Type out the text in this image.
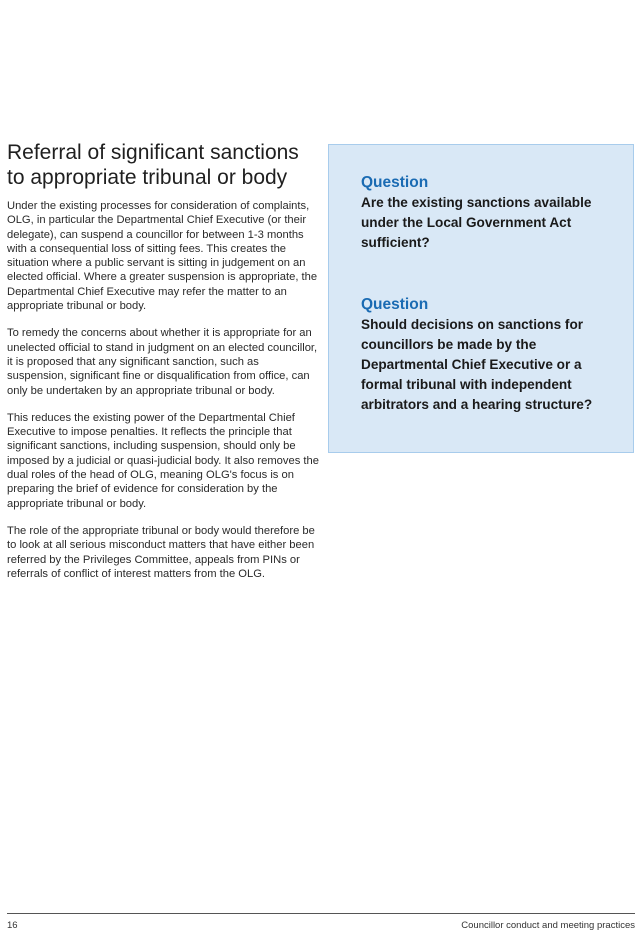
Referral of significant sanctions to appropriate tribunal or body

Under the existing processes for consideration of complaints, OLG, in particular the Departmental Chief Executive (or their delegate), can suspend a councillor for between 1-3 months with a consequential loss of sitting fees. This creates the situation where a public servant is sitting in judgement on an elected official. Where a greater suspension is appropriate, the Departmental Chief Executive may refer the matter to an appropriate tribunal or body.

To remedy the concerns about whether it is appropriate for an unelected official to stand in judgment on an elected councillor, it is proposed that any significant sanction, such as suspension, significant fine or disqualification from office, can only be undertaken by an appropriate tribunal or body.

This reduces the existing power of the Departmental Chief Executive to impose penalties. It reflects the principle that significant sanctions, including suspension, should only be imposed by a judicial or quasi-judicial body. It also removes the dual roles of the head of OLG, meaning OLG's focus is on preparing the brief of evidence for consideration by the appropriate tribunal or body.

The role of the appropriate tribunal or body would therefore be to look at all serious misconduct matters that have either been referred by the Privileges Committee, appeals from PINs or referrals of conflict of interest matters from the OLG.

Question

Are the existing sanctions available under the Local Government Act sufficient?

Question

Should decisions on sanctions for councillors be made by the Departmental Chief Executive or a formal tribunal with independent arbitrators and a hearing structure?

16	Councillor conduct and meeting practices
